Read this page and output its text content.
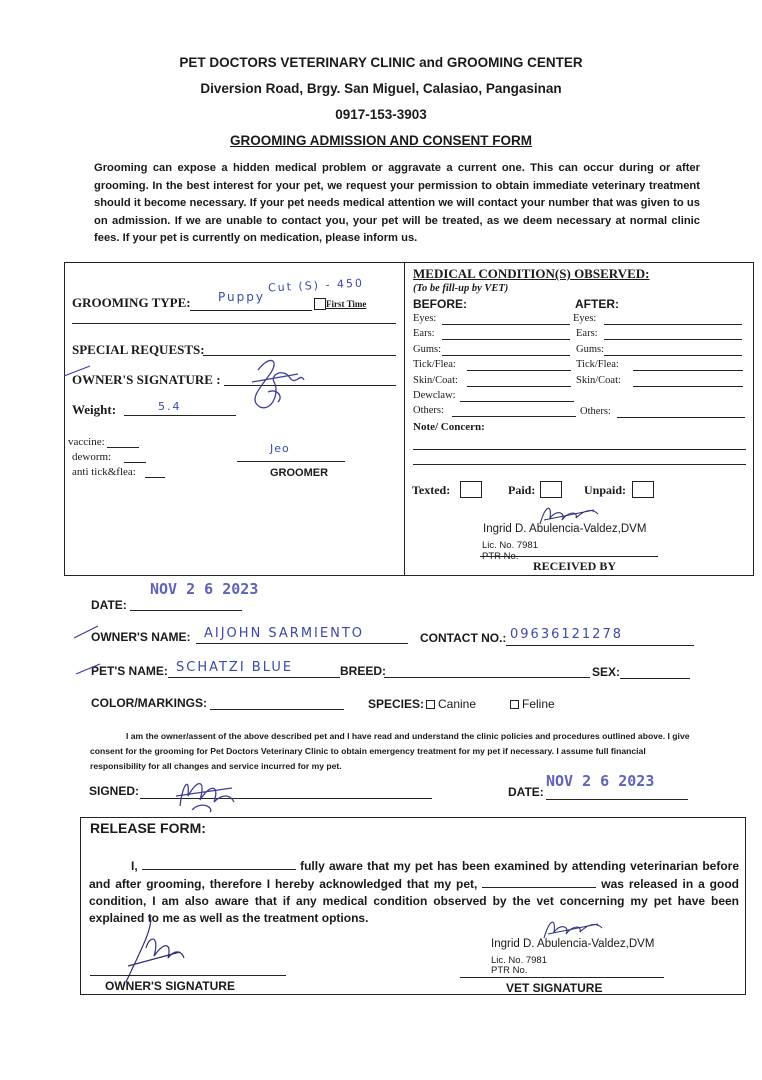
PET DOCTORS VETERINARY CLINIC and GROOMING CENTER
Diversion Road, Brgy. San Miguel, Calasiao, Pangasinan
0917-153-3903
GROOMING ADMISSION AND CONSENT FORM
Grooming can expose a hidden medical problem or aggravate a current one. This can occur during or after grooming. In the best interest for your pet, we request your permission to obtain immediate veterinary treatment should it become necessary. If your pet needs medical attention we will contact your number that was given to us on admission. If we are unable to contact you, your pet will be treated, as we deem necessary at normal clinic fees. If your pet is currently on medication, please inform us.
GROOMING TYPE: Puppy
Cut (S) - 450
First Time
SPECIAL REQUESTS:
OWNER'S SIGNATURE :
Weight:	5.4
vaccine:
deworm:
anti tick&flea:
Jeo
GROOMER
MEDICAL CONDITION(S) OBSERVED:
(To be fill-up by VET)
BEFORE:	AFTER:
Eyes:	Eyes:
Ears:	Ears:
Gums:	Gums:
Tick/Flea:	Tick/Flea:
Skin/Coat:	Skin/Coat:
Dewclaw:
Others:	Others:
Note/ Concern:
Texted:	Paid:	Unpaid:
Ingrid D. Abulencia-Valdez,DVM
Lic. No. 7981
PTR No.
RECEIVED BY
NOV 2 6 2023
DATE:
OWNER'S NAME: AIJOHN SARMIENTO	CONTACT NO.: 09636121278
PET'S NAME: SCHATZI BLUE	BREED:	SEX:
COLOR/MARKINGS:	SPECIES: Canine	Feline
I am the owner/assent of the above described pet and I have read and understand the clinic policies and procedures outlined above. I give consent for the grooming for Pet Doctors Veterinary Clinic to obtain emergency treatment for my pet if necessary. I assume full financial responsibility for all changes and service incurred for my pet.
SIGNED:	DATE:
NOV 2 6 2023
RELEASE FORM:
I,	fully aware that my pet has been examined by attending veterinarian before and after grooming, therefore I hereby acknowledged that my pet,	was released in a good condition, I am also aware that if any medical condition observed by the vet concerning my pet have been explained to me as well as the treatment options.
OWNER'S SIGNATURE
Ingrid D. Abulencia-Valdez,DVM
Lic. No. 7981
PTR No.
VET SIGNATURE
